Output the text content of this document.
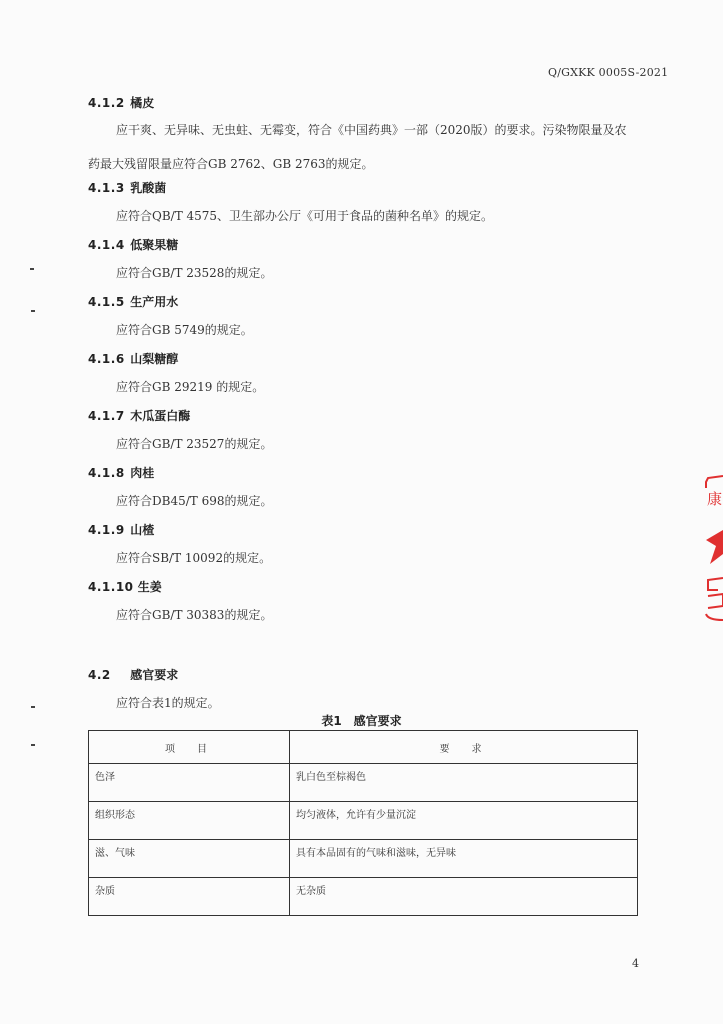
Q/GXKK 0005S-2021
4.1.2 橘皮
应干爽、无异味、无虫蛀、无霉变，符合《中国药典》一部（2020版）的要求。污染物限量及农药最大残留限量应符合GB 2762、GB 2763的规定。
4.1.3 乳酸菌
应符合QB/T 4575、卫生部办公厅《可用于食品的菌种名单》的规定。
4.1.4 低聚果糖
应符合GB/T 23528的规定。
4.1.5 生产用水
应符合GB 5749的规定。
4.1.6 山梨糖醇
应符合GB 29219 的规定。
4.1.7 木瓜蛋白酶
应符合GB/T 23527的规定。
4.1.8 肉桂
应符合DB45/T 698的规定。
4.1.9 山楂
应符合SB/T 10092的规定。
4.1.10 生姜
应符合GB/T 30383的规定。
4.2 感官要求
应符合表1的规定。
表1　感官要求
项　目	要　求
色泽	乳白色至棕褐色
组织形态	均匀液体，允许有少量沉淀
滋、气味	具有本品固有的气味和滋味，无异味
杂质	无杂质
4
康
